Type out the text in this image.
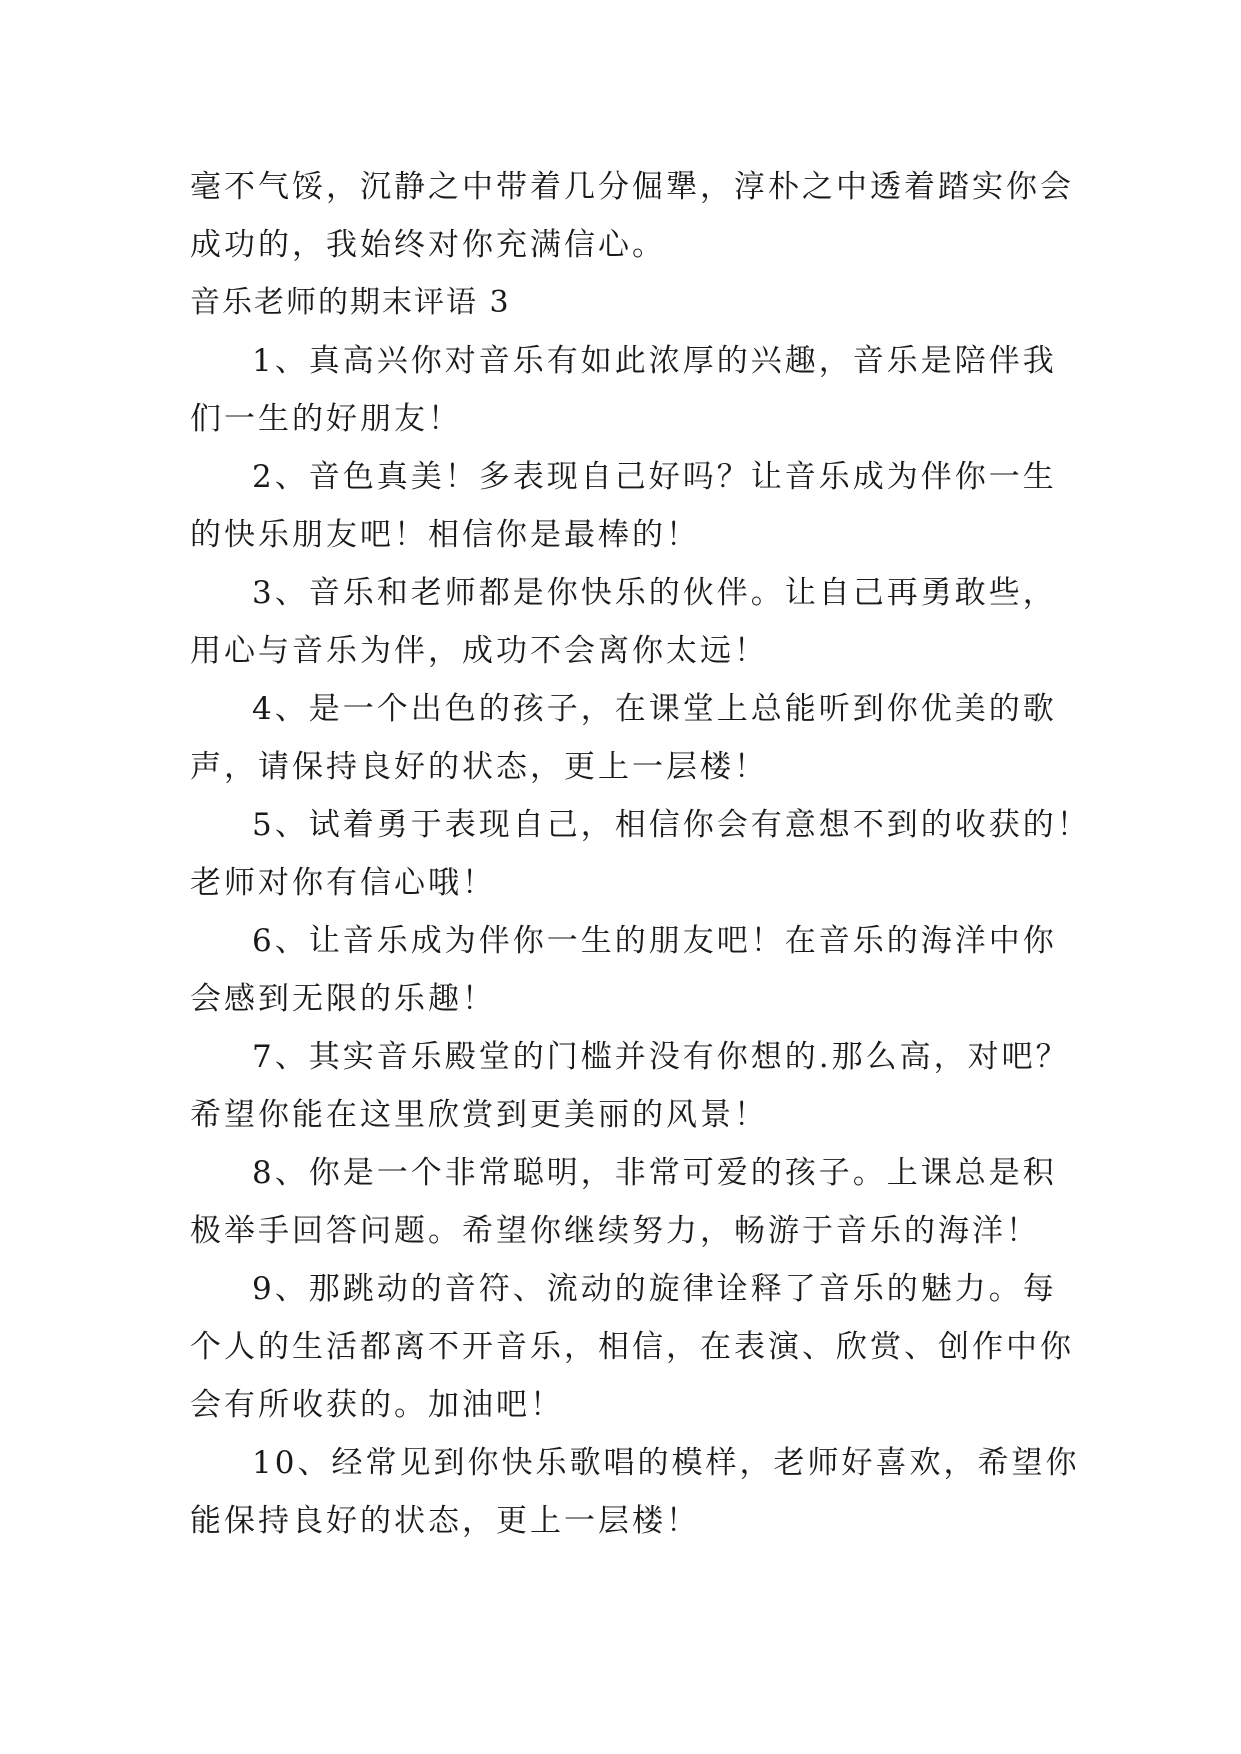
毫不气馁，沉静之中带着几分倔犟，淳朴之中透着踏实你会
成功的，我始终对你充满信心。
音乐老师的期末评语 3
1、真高兴你对音乐有如此浓厚的兴趣，音乐是陪伴我
们一生的好朋友！
2、音色真美！多表现自己好吗？让音乐成为伴你一生
的快乐朋友吧！相信你是最棒的！
3、音乐和老师都是你快乐的伙伴。让自己再勇敢些，
用心与音乐为伴，成功不会离你太远！
4、是一个出色的孩子，在课堂上总能听到你优美的歌
声，请保持良好的状态，更上一层楼！
5、试着勇于表现自己，相信你会有意想不到的收获的！
老师对你有信心哦！
6、让音乐成为伴你一生的朋友吧！在音乐的海洋中你
会感到无限的乐趣！
7、其实音乐殿堂的门槛并没有你想的.那么高，对吧？
希望你能在这里欣赏到更美丽的风景！
8、你是一个非常聪明，非常可爱的孩子。上课总是积
极举手回答问题。希望你继续努力，畅游于音乐的海洋！
9、那跳动的音符、流动的旋律诠释了音乐的魅力。每
个人的生活都离不开音乐，相信，在表演、欣赏、创作中你
会有所收获的。加油吧！
10、经常见到你快乐歌唱的模样，老师好喜欢，希望你
能保持良好的状态，更上一层楼！
